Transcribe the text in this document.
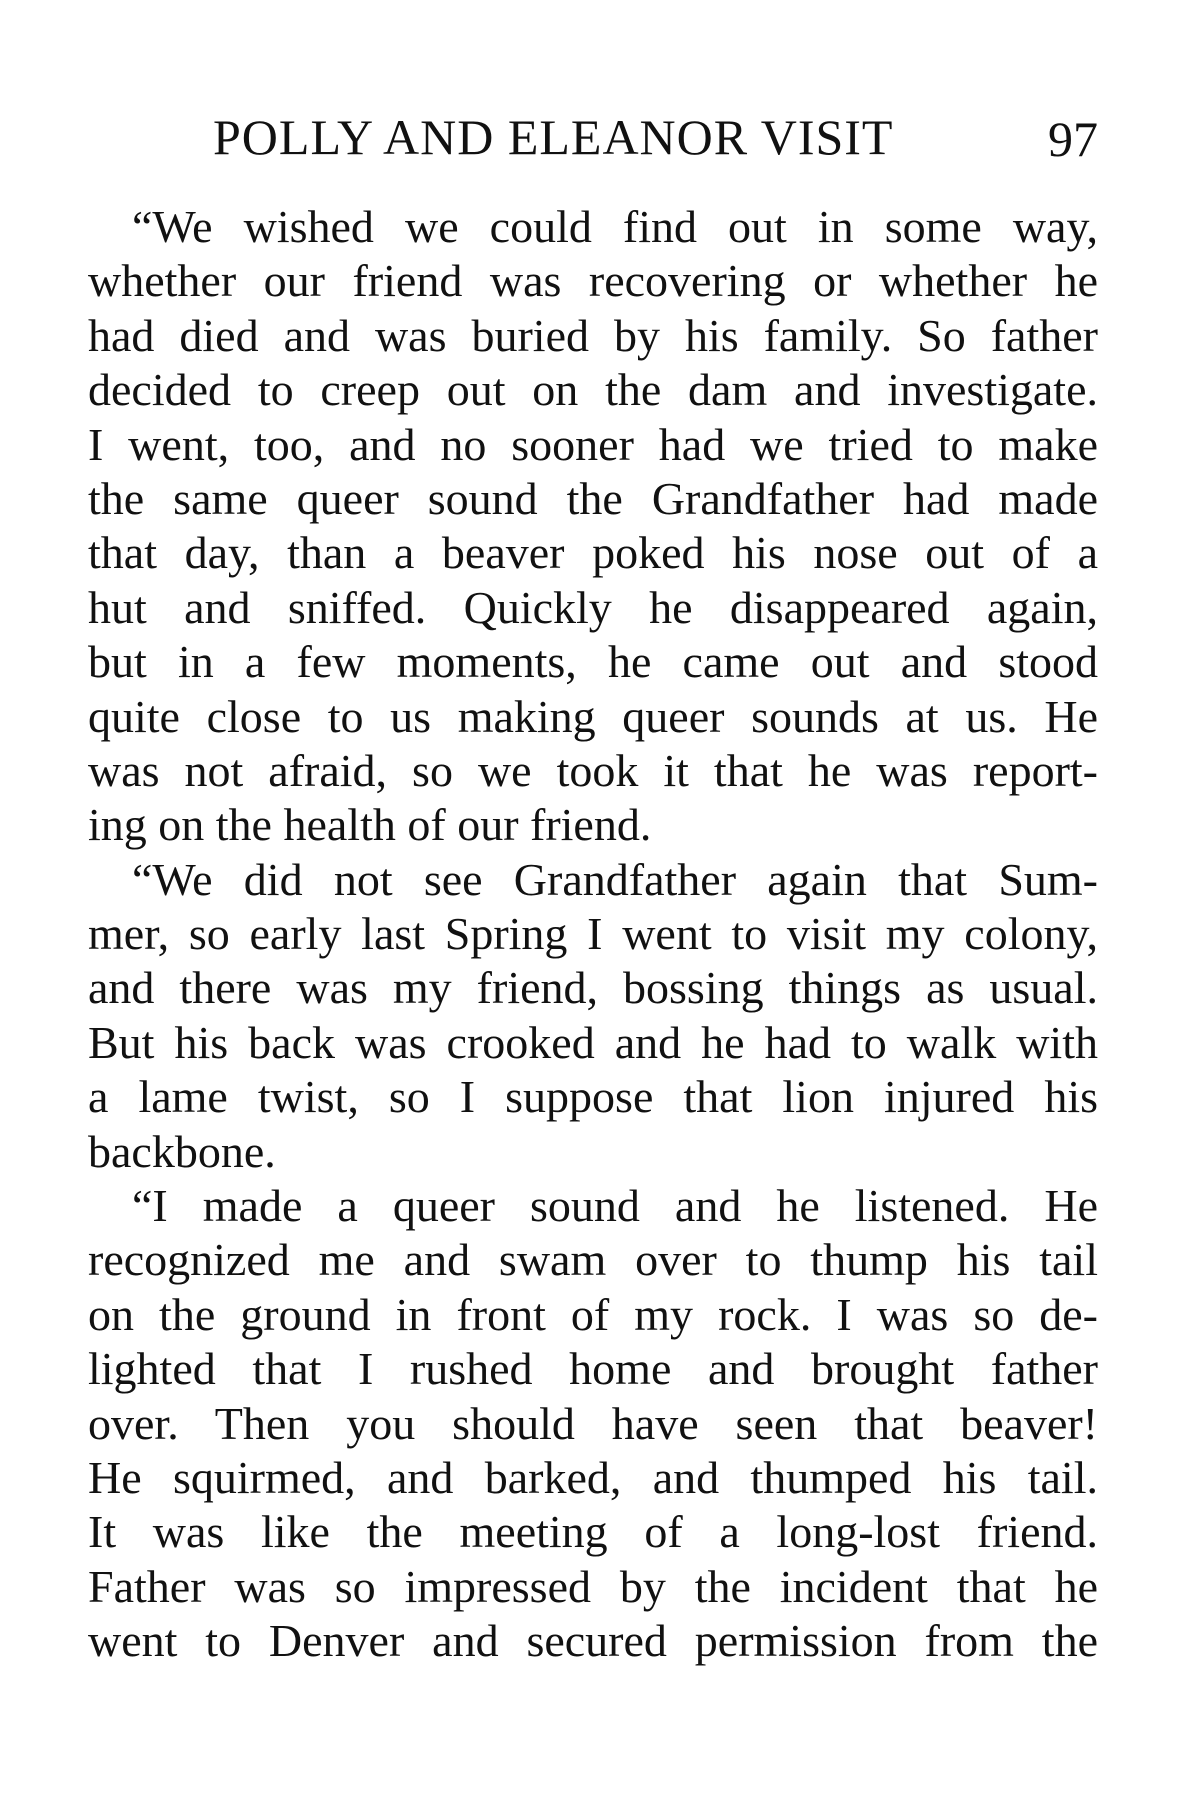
POLLY AND ELEANOR VISIT	97
“We wished we could find out in some way,
whether our friend was recovering or whether he
had died and was buried by his family. So father
decided to creep out on the dam and investigate.
I went, too, and no sooner had we tried to make
the same queer sound the Grandfather had made
that day, than a beaver poked his nose out of a
hut and sniffed. Quickly he disappeared again,
but in a few moments, he came out and stood
quite close to us making queer sounds at us. He
was not afraid, so we took it that he was report-
ing on the health of our friend.
“We did not see Grandfather again that Sum-
mer, so early last Spring I went to visit my colony,
and there was my friend, bossing things as usual.
But his back was crooked and he had to walk with
a lame twist, so I suppose that lion injured his
backbone.
“I made a queer sound and he listened. He
recognized me and swam over to thump his tail
on the ground in front of my rock. I was so de-
lighted that I rushed home and brought father
over. Then you should have seen that beaver!
He squirmed, and barked, and thumped his tail.
It was like the meeting of a long-lost friend.
Father was so impressed by the incident that he
went to Denver and secured permission from the
